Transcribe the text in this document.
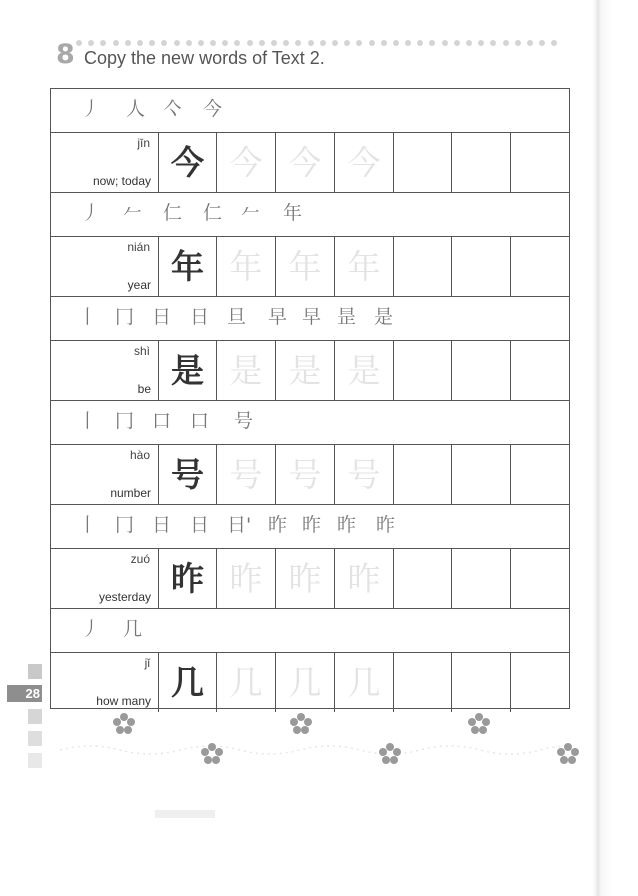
8 Copy the new words of Text 2.
丿 人 亽 今
jīn
now; today 今 今 今 今
丿 𠂉 仁 仁 𠂉 年
nián
year 年 年 年 年
丨 冂 日 日 旦 早 早 昰 是
shì
be 是 是 是 是
丨 冂 口 口 号
hào
number 号 号 号 号
丨 冂 日 日 日' 昨 昨 昨 昨
zuó
yesterday 昨 昨 昨 昨
丿 几
jǐ
how many 几 几 几 几
28
